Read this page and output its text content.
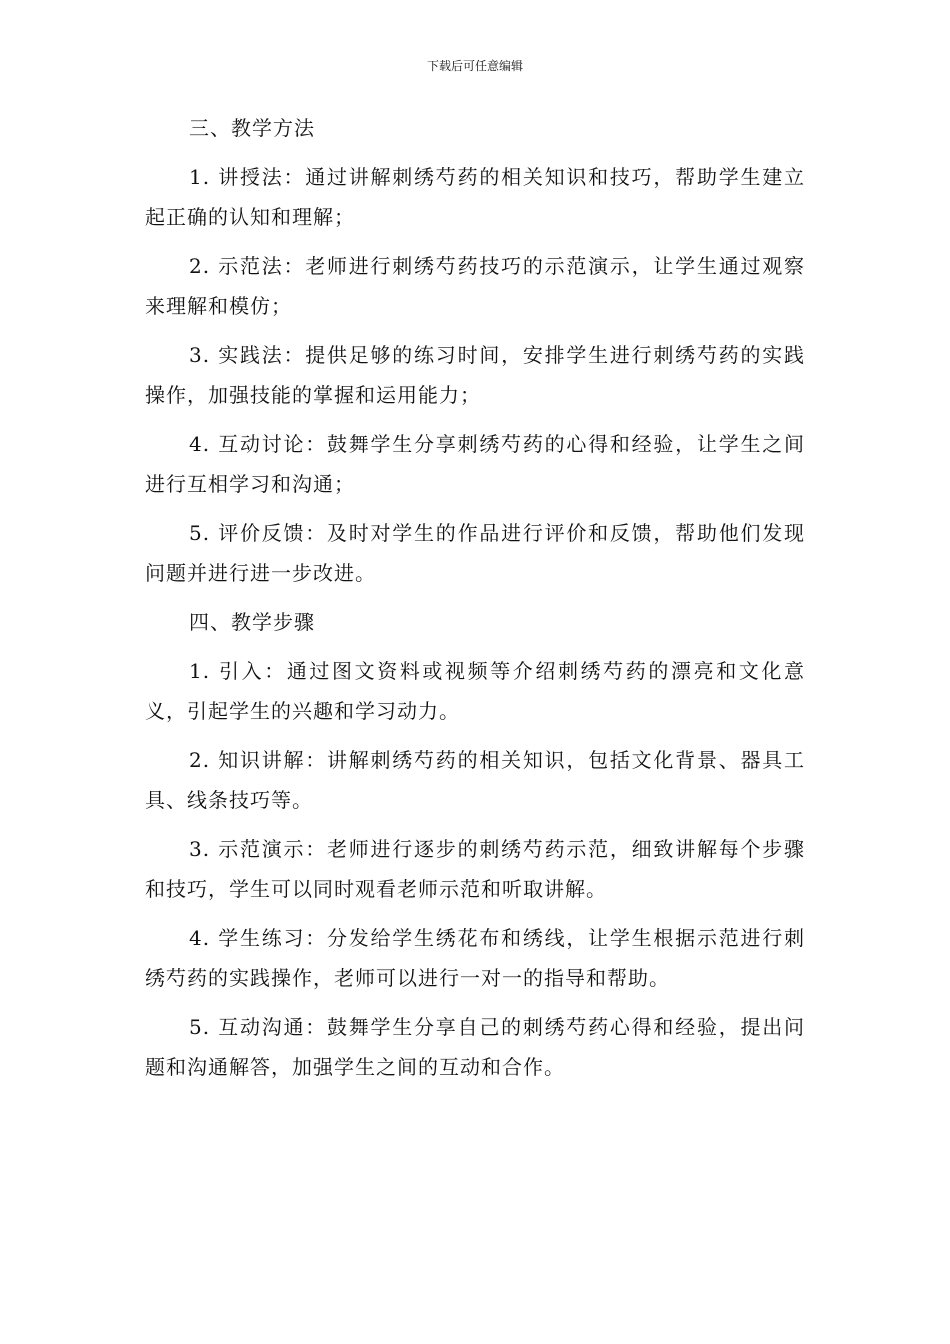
下载后可任意编辑

三、教学方法

1. 讲授法：通过讲解刺绣芍药的相关知识和技巧，帮助学生建立起正确的认知和理解；

2. 示范法：老师进行刺绣芍药技巧的示范演示，让学生通过观察来理解和模仿；

3. 实践法：提供足够的练习时间，安排学生进行刺绣芍药的实践操作，加强技能的掌握和运用能力；

4. 互动讨论：鼓舞学生分享刺绣芍药的心得和经验，让学生之间进行互相学习和沟通；

5. 评价反馈：及时对学生的作品进行评价和反馈，帮助他们发现问题并进行进一步改进。

四、教学步骤

1. 引入：通过图文资料或视频等介绍刺绣芍药的漂亮和文化意义，引起学生的兴趣和学习动力。

2. 知识讲解：讲解刺绣芍药的相关知识，包括文化背景、器具工具、线条技巧等。

3. 示范演示：老师进行逐步的刺绣芍药示范，细致讲解每个步骤和技巧，学生可以同时观看老师示范和听取讲解。

4. 学生练习：分发给学生绣花布和绣线，让学生根据示范进行刺绣芍药的实践操作，老师可以进行一对一的指导和帮助。

5. 互动沟通：鼓舞学生分享自己的刺绣芍药心得和经验，提出问题和沟通解答，加强学生之间的互动和合作。
